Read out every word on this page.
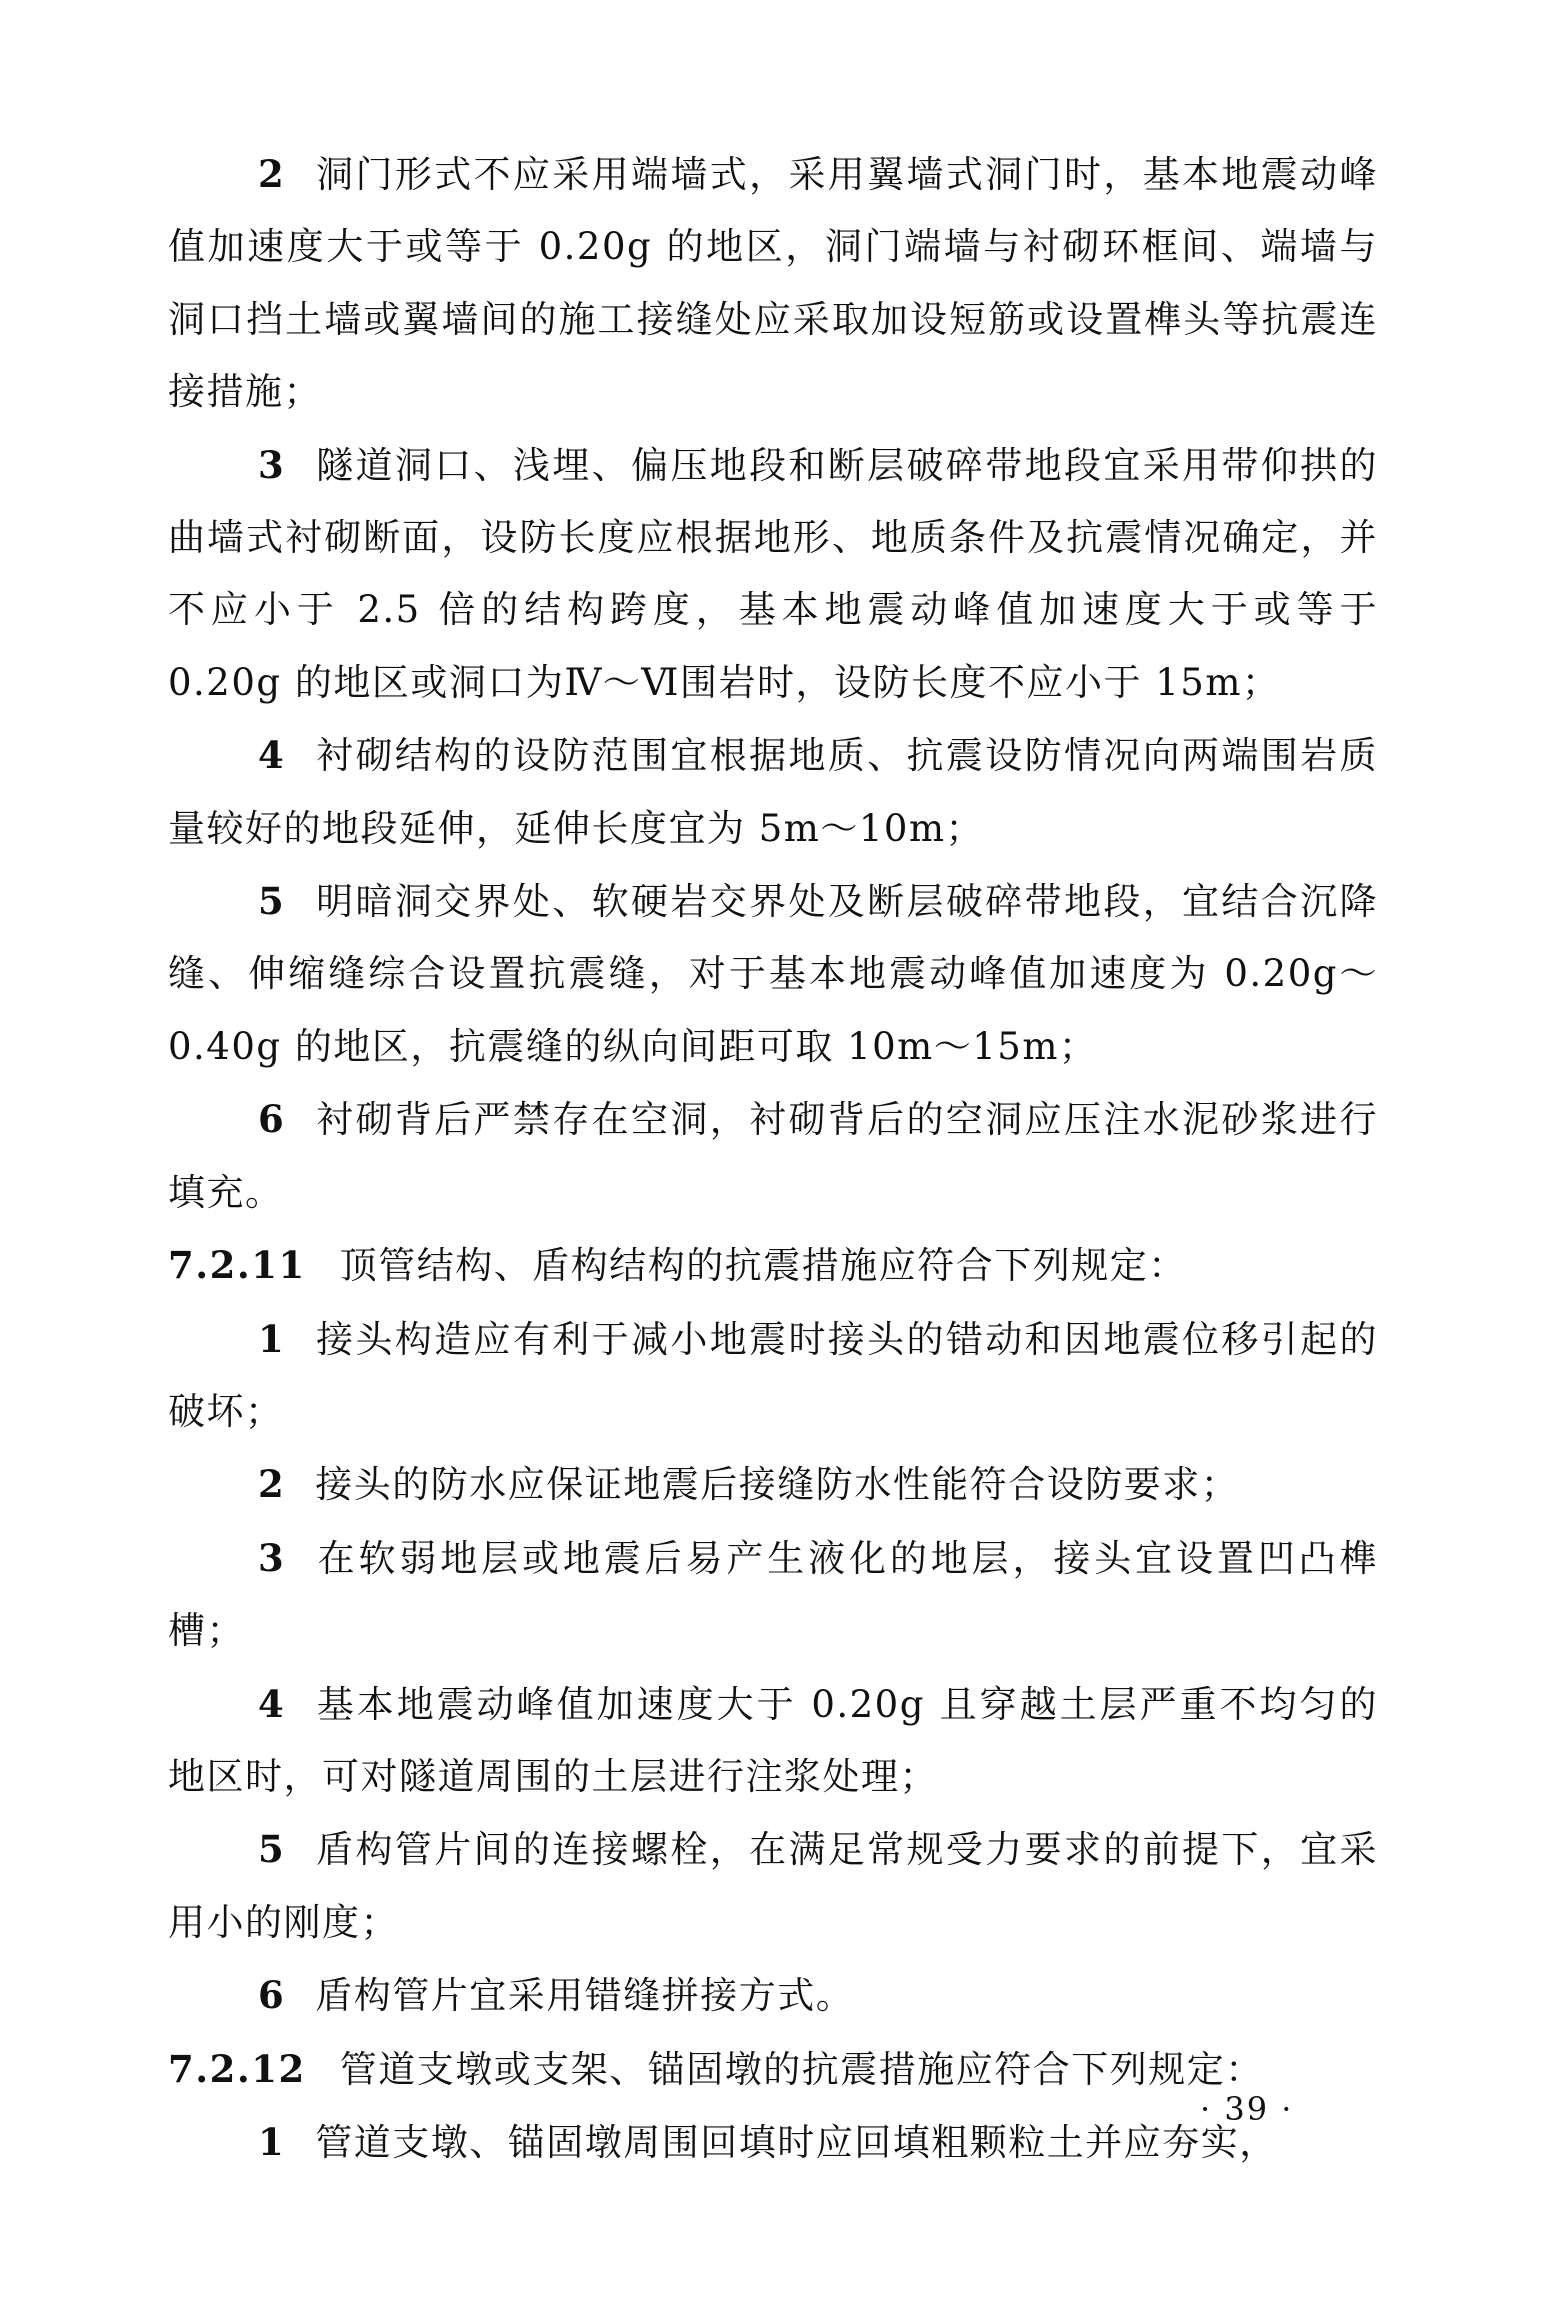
2 洞门形式不应采用端墙式，采用翼墙式洞门时，基本地震动峰值加速度大于或等于 0.20g 的地区，洞门端墙与衬砌环框间、端墙与洞口挡土墙或翼墙间的施工接缝处应采取加设短筋或设置榫头等抗震连接措施；

3 隧道洞口、浅埋、偏压地段和断层破碎带地段宜采用带仰拱的曲墙式衬砌断面，设防长度应根据地形、地质条件及抗震情况确定，并不应小于 2.5 倍的结构跨度，基本地震动峰值加速度大于或等于 0.20g 的地区或洞口为Ⅳ～Ⅵ围岩时，设防长度不应小于 15m；

4 衬砌结构的设防范围宜根据地质、抗震设防情况向两端围岩质量较好的地段延伸，延伸长度宜为 5m～10m；

5 明暗洞交界处、软硬岩交界处及断层破碎带地段，宜结合沉降缝、伸缩缝综合设置抗震缝，对于基本地震动峰值加速度为 0.20g～0.40g 的地区，抗震缝的纵向间距可取 10m～15m；

6 衬砌背后严禁存在空洞，衬砌背后的空洞应压注水泥砂浆进行填充。

7.2.11 顶管结构、盾构结构的抗震措施应符合下列规定：

1 接头构造应有利于减小地震时接头的错动和因地震位移引起的破坏；

2 接头的防水应保证地震后接缝防水性能符合设防要求；

3 在软弱地层或地震后易产生液化的地层，接头宜设置凹凸榫槽；

4 基本地震动峰值加速度大于 0.20g 且穿越土层严重不均匀的地区时，可对隧道周围的土层进行注浆处理；

5 盾构管片间的连接螺栓，在满足常规受力要求的前提下，宜采用小的刚度；

6 盾构管片宜采用错缝拼接方式。

7.2.12 管道支墩或支架、锚固墩的抗震措施应符合下列规定：

1 管道支墩、锚固墩周围回填时应回填粗颗粒土并应夯实，

· 39 ·
